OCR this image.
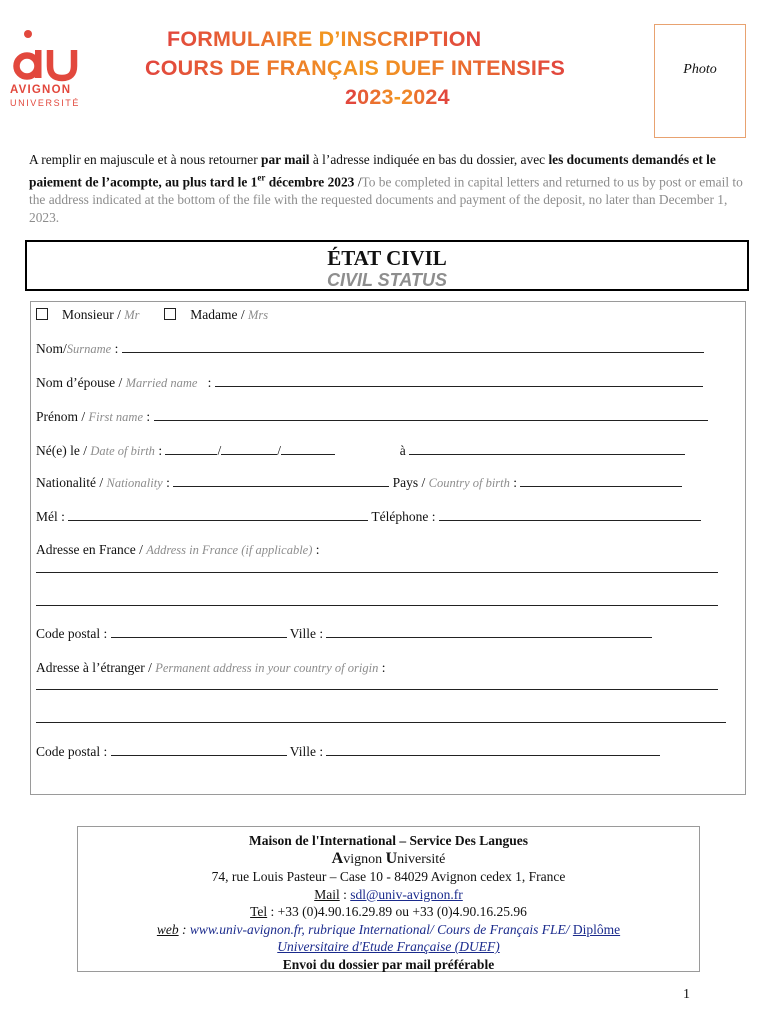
AVIGNON
UNIVERSITÉ
FORMULAIRE D’INSCRIPTION
COURS DE FRANÇAIS DUEF INTENSIFS
2023-2024
Photo
A remplir en majuscule et à nous retourner par mail à l’adresse indiquée en bas du dossier, avec les documents demandés et le paiement de l’acompte, au plus tard le 1er décembre 2023 /To be completed in capital letters and returned to us by post or email to the address indicated at the bottom of the file with the requested documents and payment of the deposit, no later than December 1, 2023.
ÉTAT CIVIL
CIVIL STATUS
Monsieur / Mr	Madame / Mrs
Nom/Surname :
Nom d’épouse / Married name   :
Prénom / First name :
Né(e) le / Date of birth :	/	/	à
Nationalité / Nationality :	Pays / Country of birth :
Mél :	Téléphone :
Adresse en France / Address in France (if applicable) :
Code postal :	Ville :
Adresse à l’étranger / Permanent address in your country of origin :
Code postal :	Ville :
Maison de l'International – Service Des Langues
Avignon Université
74, rue Louis Pasteur – Case 10 - 84029 Avignon cedex 1, France
Mail : sdl@univ-avignon.fr
Tel : +33 (0)4.90.16.29.89 ou +33 (0)4.90.16.25.96
web : www.univ-avignon.fr, rubrique International/ Cours de Français FLE/ Diplôme
Universitaire d'Etude Française (DUEF)
Envoi du dossier par mail préférable
1
